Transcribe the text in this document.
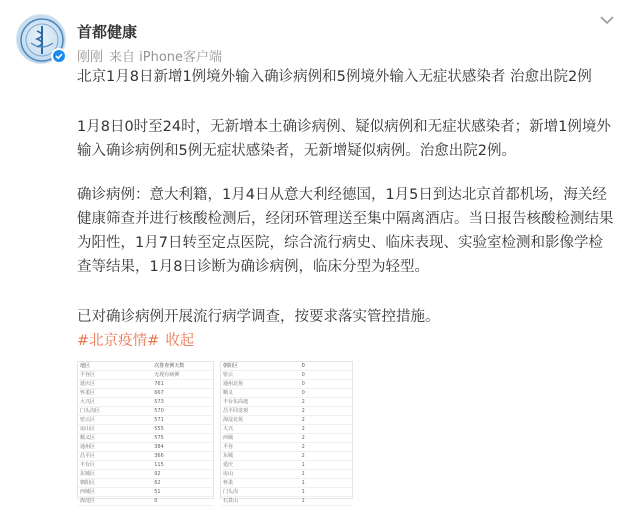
首都健康
刚刚 来自 iPhone客户端
北京1月8日新增1例境外输入确诊病例和5例境外输入无症状感染者 治愈出院2例
1月8日0时至24时，无新增本土确诊病例、疑似病例和无症状感染者；新增1例境外输入确诊病例和5例无症状感染者，无新增疑似病例。治愈出院2例。
确诊病例：意大利籍，1月4日从意大利经德国，1月5日到达北京首都机场，海关经健康筛查并进行核酸检测后，经闭环管理送至集中隔离酒店。当日报告核酸检测结果为阳性，1月7日转至定点医院，综合流行病史、临床表现、实验室检测和影像学检查等结果，1月8日诊断为确诊病例，临床分型为轻型。
已对确诊病例开展流行病学调查，按要求落实管控措施。
#北京疫情# 收起
地区	次排查例天数
平谷区	无现有病例
延庆区	761
怀柔区	667
大兴区	573
门头沟区	570
密云区	571
房山区	555
顺义区	575
通州区	384
昌平区	366
丰台区	115
东城区	92
朝阳区	62
西城区	51
海淀区	0
朝阳区	0
密云	0
通州北苑	0
顺义	0
丰台东高地	2
昌平回龙观	2
海淀北苑	2
大兴	2
西城	2
平谷	2
东城	2
延庆	1
房山	1
怀柔	1
门头沟	1
石景山	1
